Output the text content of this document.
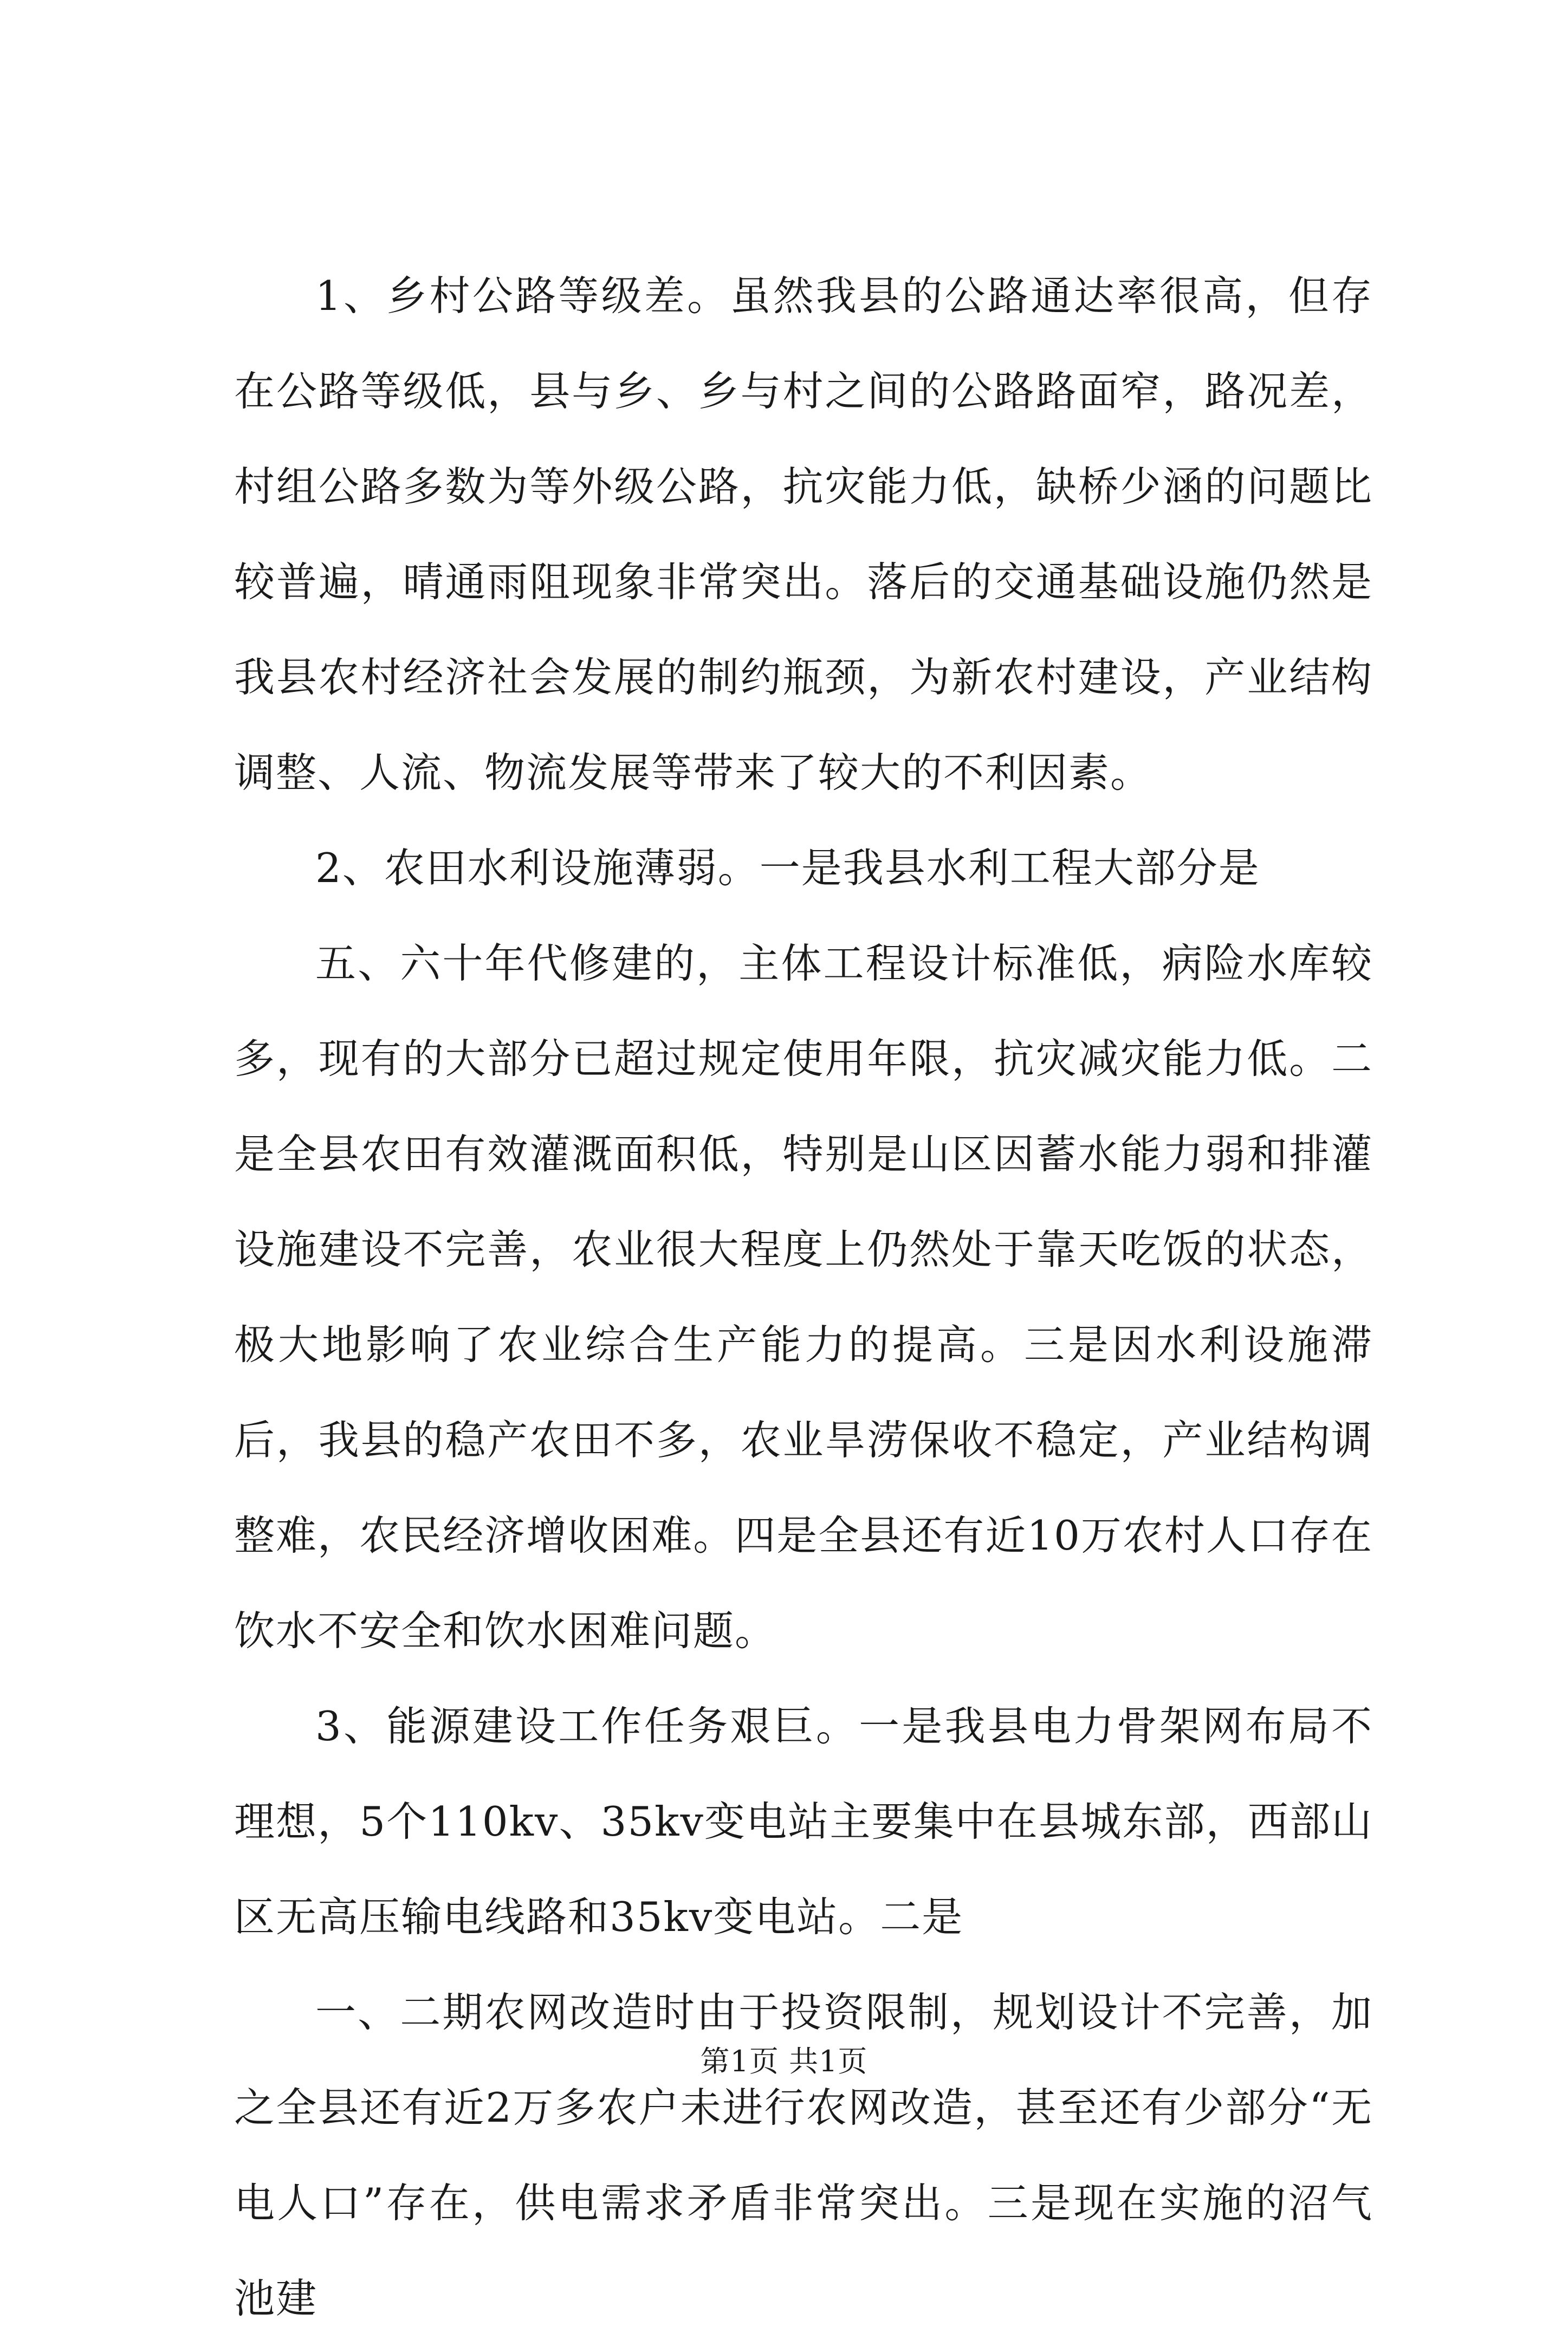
1、乡村公路等级差。虽然我县的公路通达率很高，但存在公路等级低，县与乡、乡与村之间的公路路面窄，路况差，村组公路多数为等外级公路，抗灾能力低，缺桥少涵的问题比较普遍，晴通雨阻现象非常突出。落后的交通基础设施仍然是我县农村经济社会发展的制约瓶颈，为新农村建设，产业结构调整、人流、物流发展等带来了较大的不利因素。

2、农田水利设施薄弱。一是我县水利工程大部分是

五、六十年代修建的，主体工程设计标准低，病险水库较多，现有的大部分已超过规定使用年限，抗灾减灾能力低。二是全县农田有效灌溉面积低，特别是山区因蓄水能力弱和排灌设施建设不完善，农业很大程度上仍然处于靠天吃饭的状态，极大地影响了农业综合生产能力的提高。三是因水利设施滞后，我县的稳产农田不多，农业旱涝保收不稳定，产业结构调整难，农民经济增收困难。四是全县还有近10万农村人口存在饮水不安全和饮水困难问题。

3、能源建设工作任务艰巨。一是我县电力骨架网布局不理想，5个110kv、35kv变电站主要集中在县城东部，西部山区无高压输电线路和35kv变电站。二是

一、二期农网改造时由于投资限制，规划设计不完善，加之全县还有近2万多农户未进行农网改造，甚至还有少部分“无电人口”存在，供电需求矛盾非常突出。三是现在实施的沼气池建

第1页 共1页
